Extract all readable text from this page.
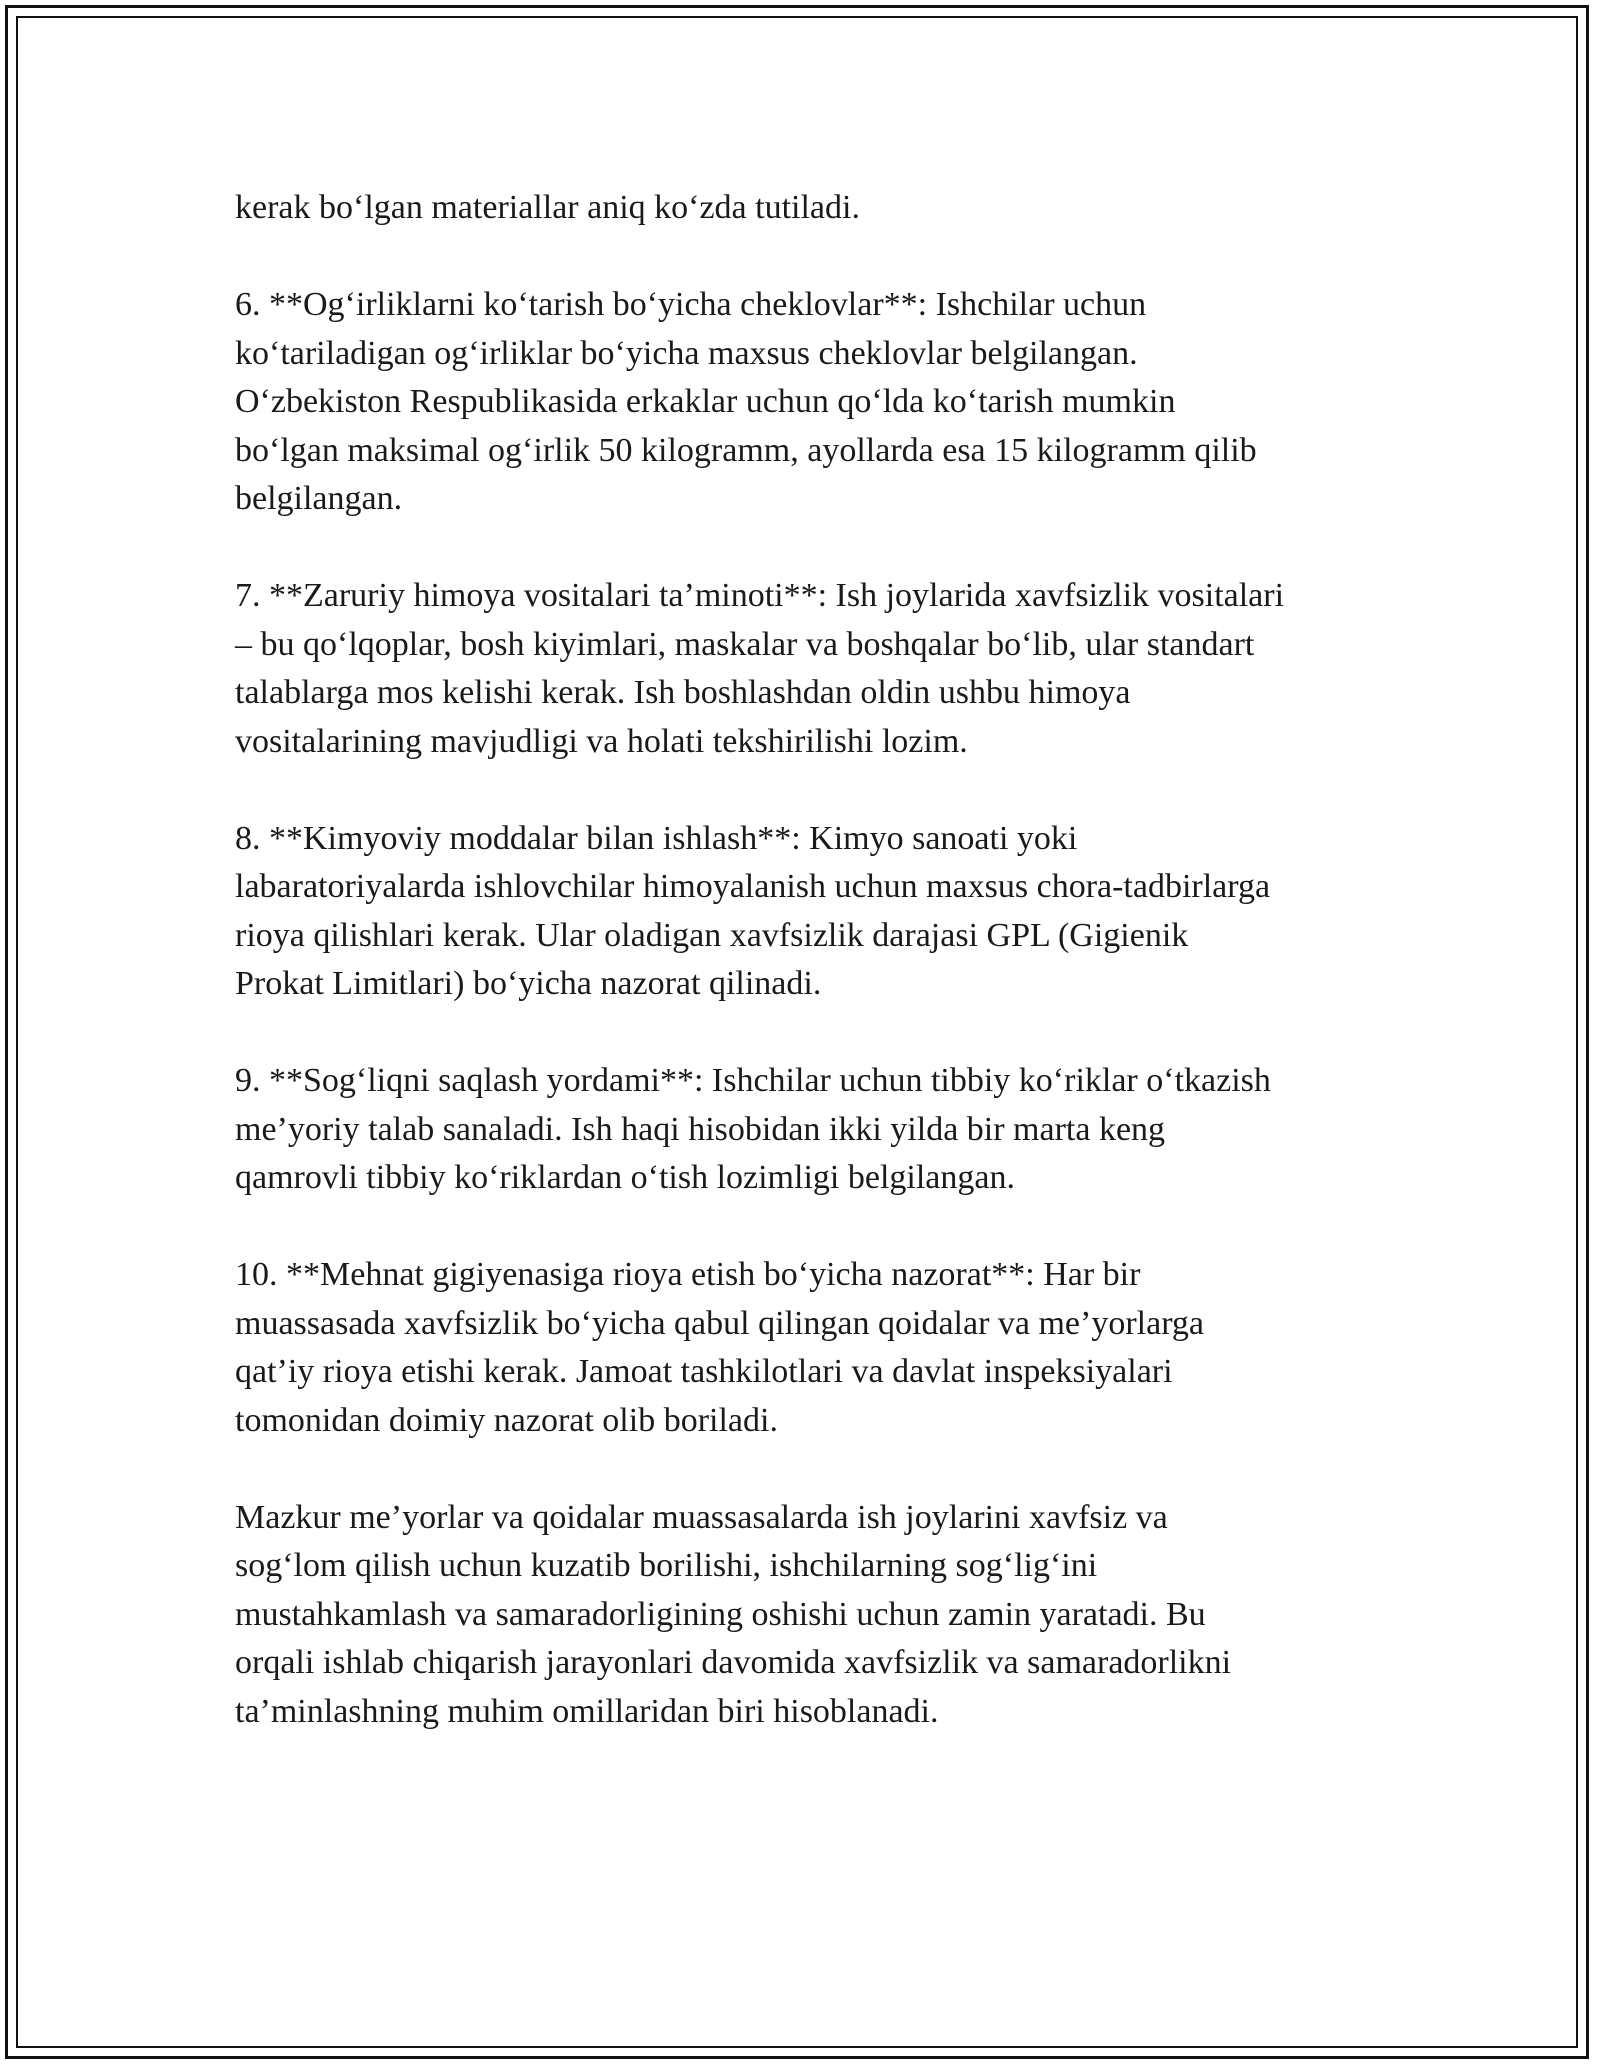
kerak bo‘lgan materiallar aniq ko‘zda tutiladi.

6. **Og‘irliklarni ko‘tarish bo‘yicha cheklovlar**: Ishchilar uchun
ko‘tariladigan og‘irliklar bo‘yicha maxsus cheklovlar belgilangan.
O‘zbekiston Respublikasida erkaklar uchun qo‘lda ko‘tarish mumkin
bo‘lgan maksimal og‘irlik 50 kilogramm, ayollarda esa 15 kilogramm qilib
belgilangan.

7. **Zaruriy himoya vositalari ta’minoti**: Ish joylarida xavfsizlik vositalari
– bu qo‘lqoplar, bosh kiyimlari, maskalar va boshqalar bo‘lib, ular standart
talablarga mos kelishi kerak. Ish boshlashdan oldin ushbu himoya
vositalarining mavjudligi va holati tekshirilishi lozim.

8. **Kimyoviy moddalar bilan ishlash**: Kimyo sanoati yoki
labaratoriyalarda ishlovchilar himoyalanish uchun maxsus chora-tadbirlarga
rioya qilishlari kerak. Ular oladigan xavfsizlik darajasi GPL (Gigienik
Prokat Limitlari) bo‘yicha nazorat qilinadi.

9. **Sog‘liqni saqlash yordami**: Ishchilar uchun tibbiy ko‘riklar o‘tkazish
me’yoriy talab sanaladi. Ish haqi hisobidan ikki yilda bir marta keng
qamrovli tibbiy ko‘riklardan o‘tish lozimligi belgilangan.

10. **Mehnat gigiyenasiga rioya etish bo‘yicha nazorat**: Har bir
muassasada xavfsizlik bo‘yicha qabul qilingan qoidalar va me’yorlarga
qat’iy rioya etishi kerak. Jamoat tashkilotlari va davlat inspeksiyalari
tomonidan doimiy nazorat olib boriladi.

Mazkur me’yorlar va qoidalar muassasalarda ish joylarini xavfsiz va
sog‘lom qilish uchun kuzatib borilishi, ishchilarning sog‘lig‘ini
mustahkamlash va samaradorligining oshishi uchun zamin yaratadi. Bu
orqali ishlab chiqarish jarayonlari davomida xavfsizlik va samaradorlikni
ta’minlashning muhim omillaridan biri hisoblanadi.
